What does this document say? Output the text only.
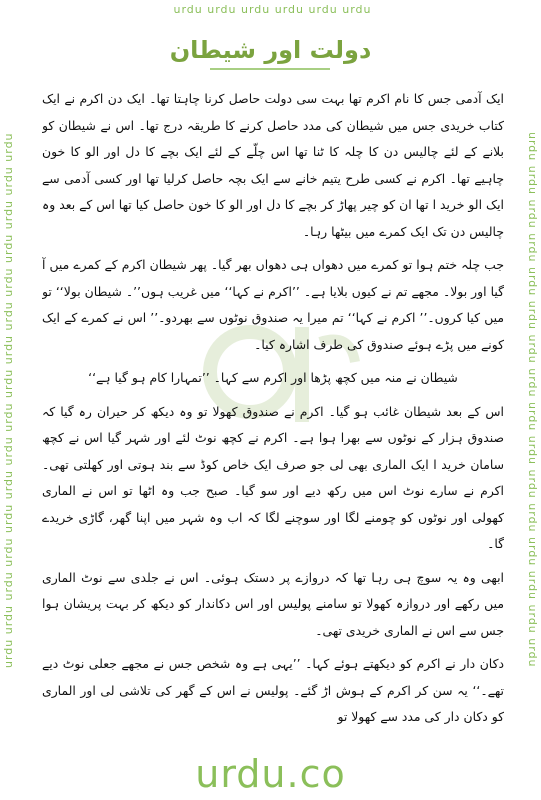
urdu urdu urdu urdu urdu urdu
urdu urdu urdu urdu urdu urdu urdu urdu urdu urdu urdu urdu urdu urdu urdu urdu	urdu urdu urdu urdu urdu urdu urdu urdu urdu urdu urdu urdu urdu urdu urdu urdu
دولت اور شیطان

ایک آدمی جس کا نام اکرم تھا بہت سی دولت حاصل کرنا چاہتا تھا۔ ایک دن اکرم نے ایک کتاب خریدی جس میں شیطان کی مدد حاصل کرنے کا طریقہ درج تھا۔ اس نے شیطان کو بلانے کے لئے چالیس دن کا چلہ کا ٹنا تھا اس چلّے کے لئے ایک بچے کا دل اور الو کا خون چاہیے تھا۔ اکرم نے کسی طرح یتیم خانے سے ایک بچہ حاصل کرلیا تھا اور کسی آدمی سے ایک الو خرید ا تھا ان کو چیر پھاڑ کر بچے کا دل اور الو کا خون حاصل کیا تھا اس کے بعد وہ چالیس دن تک ایک کمرے میں بیٹھا رہا۔

جب چلہ ختم ہوا تو کمرے میں دھواں ہی دھواں بھر گیا۔ پھر شیطان اکرم کے کمرے میں آ گیا اور بولا۔ مجھے تم نے کیوں بلایا ہے۔ ’’اکرم نے کہا‘‘ میں غریب ہوں’’۔ شیطان بولا‘‘ تو میں کیا کروں۔’’ اکرم نے کہا‘‘ تم میرا یہ صندوق نوٹوں سے بھردو۔’’ اس نے کمرے کے ایک کونے میں پڑے ہوئے صندوق کی طرف اشارہ کیا۔

شیطان نے منہ میں کچھ پڑھا اور اکرم سے کہا۔ ’’تمہارا کام ہو گیا ہے‘‘

اس کے بعد شیطان غائب ہو گیا۔ اکرم نے صندوق کھولا تو وہ دیکھ کر حیران رہ گیا کہ صندوق ہزار کے نوٹوں سے بھرا ہوا ہے۔ اکرم نے کچھ نوٹ لئے اور شہر گیا اس نے کچھ سامان خرید ا ایک الماری بھی لی جو صرف ایک خاص کوڈ سے بند ہوتی اور کھلتی تھی۔ اکرم نے سارے نوٹ اس میں رکھ دیے اور سو گیا۔ صبح جب وہ اٹھا تو اس نے الماری کھولی اور نوٹوں کو چومنے لگا اور سوچنے لگا کہ اب وہ شہر میں اپنا گھر، گاڑی خریدے گا۔

ابھی وہ یہ سوچ ہی رہا تھا کہ دروازے پر دستک ہوئی۔ اس نے جلدی سے نوٹ الماری میں رکھے اور دروازہ کھولا تو سامنے پولیس اور اس دکاندار کو دیکھ کر بہت پریشان ہوا جس سے اس نے الماری خریدی تھی۔

دکان دار نے اکرم کو دیکھتے ہوئے کہا۔ ’’یہی ہے وہ شخص جس نے مجھے جعلی نوٹ دیے تھے۔‘‘ یہ سن کر اکرم کے ہوش اڑ گئے۔ پولیس نے اس کے گھر کی تلاشی لی اور الماری کو دکان دار کی مدد سے کھولا تو

urdu.co
